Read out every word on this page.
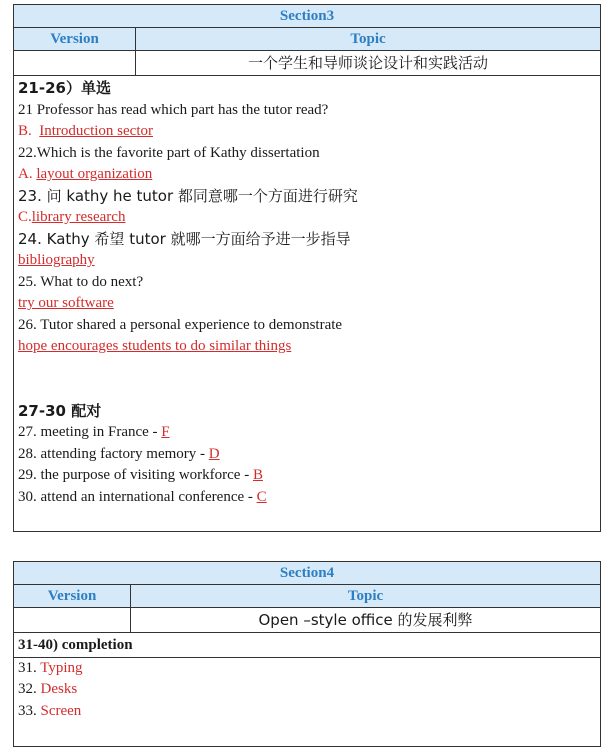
Section3
Version	Topic
一个学生和导师谈论设计和实践活动
21-26）单选
21 Professor has read which part has the tutor read?
B. Introduction sector
22.Which is the favorite part of Kathy dissertation
A. layout organization
23. 问 kathy he tutor 都同意哪一个方面进行研究
C.library research
24. Kathy 希望 tutor 就哪一方面给予进一步指导
bibliography
25. What to do next?
try our software
26. Tutor shared a personal experience to demonstrate
hope encourages students to do similar things
27-30 配对
27. meeting in France - F
28. attending factory memory - D
29. the purpose of visiting workforce - B
30. attend an international conference - C
Section4
Version	Topic
Open –style office 的发展利弊
31-40) completion
31. Typing
32. Desks
33. Screen
